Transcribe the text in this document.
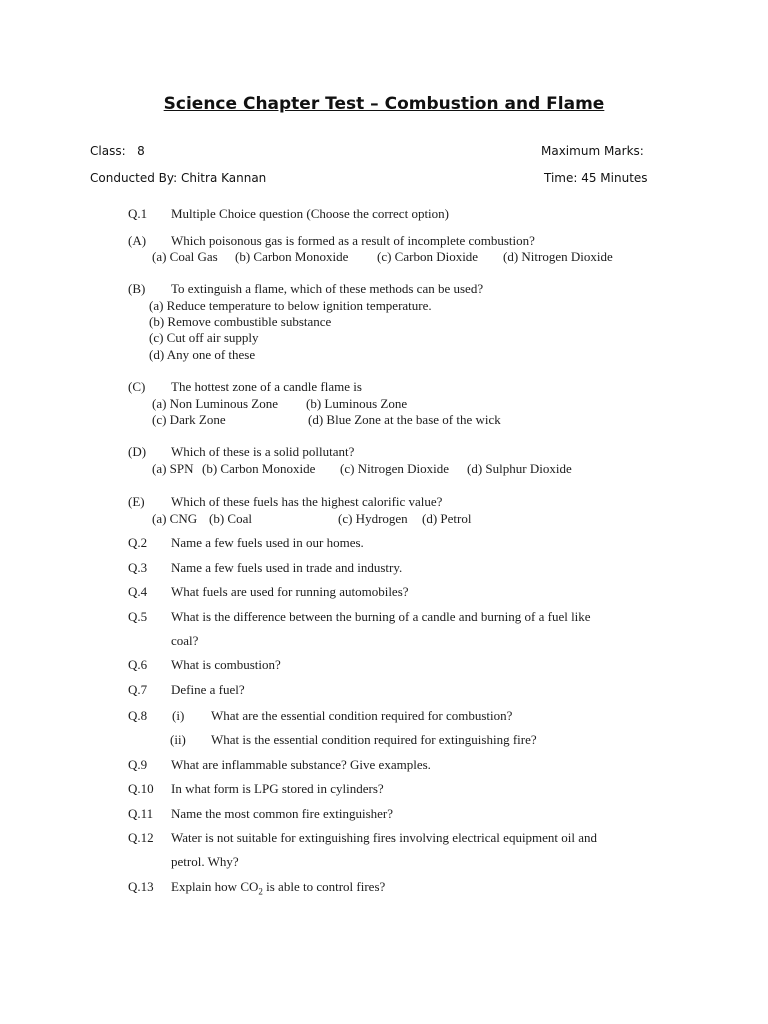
Science Chapter Test – Combustion and Flame
Class: 8	Maximum Marks:
Conducted By: Chitra Kannan	Time: 45 Minutes
Q.1 Multiple Choice question (Choose the correct option)
(A) Which poisonous gas is formed as a result of incomplete combustion?
(a) Coal Gas (b) Carbon Monoxide (c) Carbon Dioxide (d) Nitrogen Dioxide
(B) To extinguish a flame, which of these methods can be used?
(a) Reduce temperature to below ignition temperature.
(b) Remove combustible substance
(c) Cut off air supply
(d) Any one of these
(C) The hottest zone of a candle flame is
(a) Non Luminous Zone (b) Luminous Zone
(c) Dark Zone	(d) Blue Zone at the base of the wick
(D) Which of these is a solid pollutant?
(a) SPN (b) Carbon Monoxide (c) Nitrogen Dioxide (d) Sulphur Dioxide
(E) Which of these fuels has the highest calorific value?
(a) CNG (b) Coal	(c) Hydrogen (d) Petrol
Q.2 Name a few fuels used in our homes.
Q.3 Name a few fuels used in trade and industry.
Q.4 What fuels are used for running automobiles?
Q.5 What is the difference between the burning of a candle and burning of a fuel like
coal?
Q.6 What is combustion?
Q.7 Define a fuel?
Q.8 (i) What are the essential condition required for combustion?
(ii) What is the essential condition required for extinguishing fire?
Q.9 What are inflammable substance? Give examples.
Q.10 In what form is LPG stored in cylinders?
Q.11 Name the most common fire extinguisher?
Q.12 Water is not suitable for extinguishing fires involving electrical equipment oil and
petrol. Why?
Q.13 Explain how $CO_2$ is able to control fires?
